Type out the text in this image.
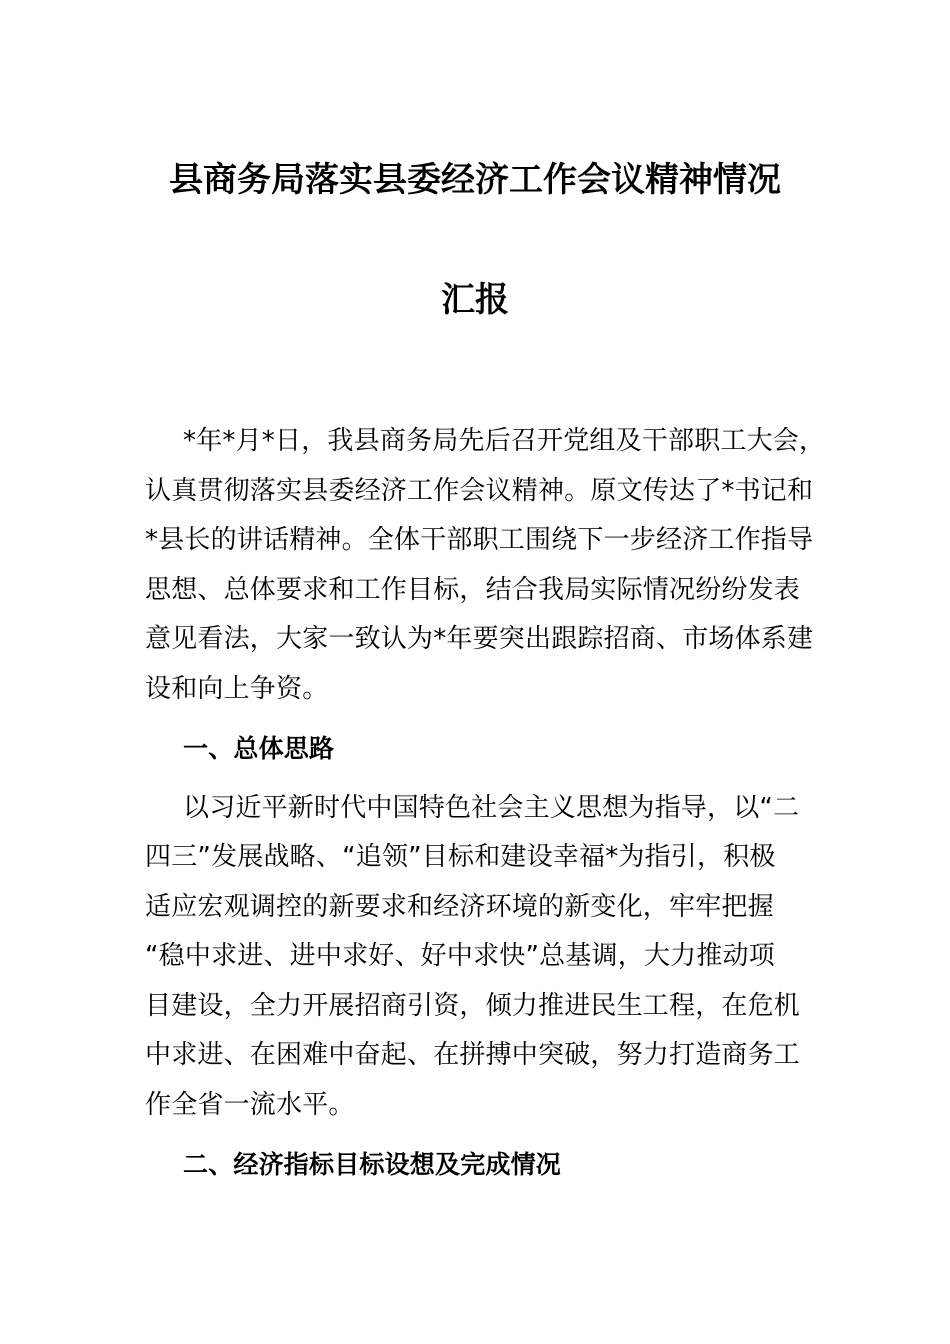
县商务局落实县委经济工作会议精神情况
汇报
*年*月*日，我县商务局先后召开党组及干部职工大会，
认真贯彻落实县委经济工作会议精神。原文传达了*书记和
*县长的讲话精神。全体干部职工围绕下一步经济工作指导
思想、总体要求和工作目标，结合我局实际情况纷纷发表
意见看法，大家一致认为*年要突出跟踪招商、市场体系建
设和向上争资。
一、总体思路
以习近平新时代中国特色社会主义思想为指导，以“二
四三”发展战略、“追领”目标和建设幸福*为指引，积极
适应宏观调控的新要求和经济环境的新变化，牢牢把握
“稳中求进、进中求好、好中求快”总基调，大力推动项
目建设，全力开展招商引资，倾力推进民生工程，在危机
中求进、在困难中奋起、在拼搏中突破，努力打造商务工
作全省一流水平。
二、经济指标目标设想及完成情况
